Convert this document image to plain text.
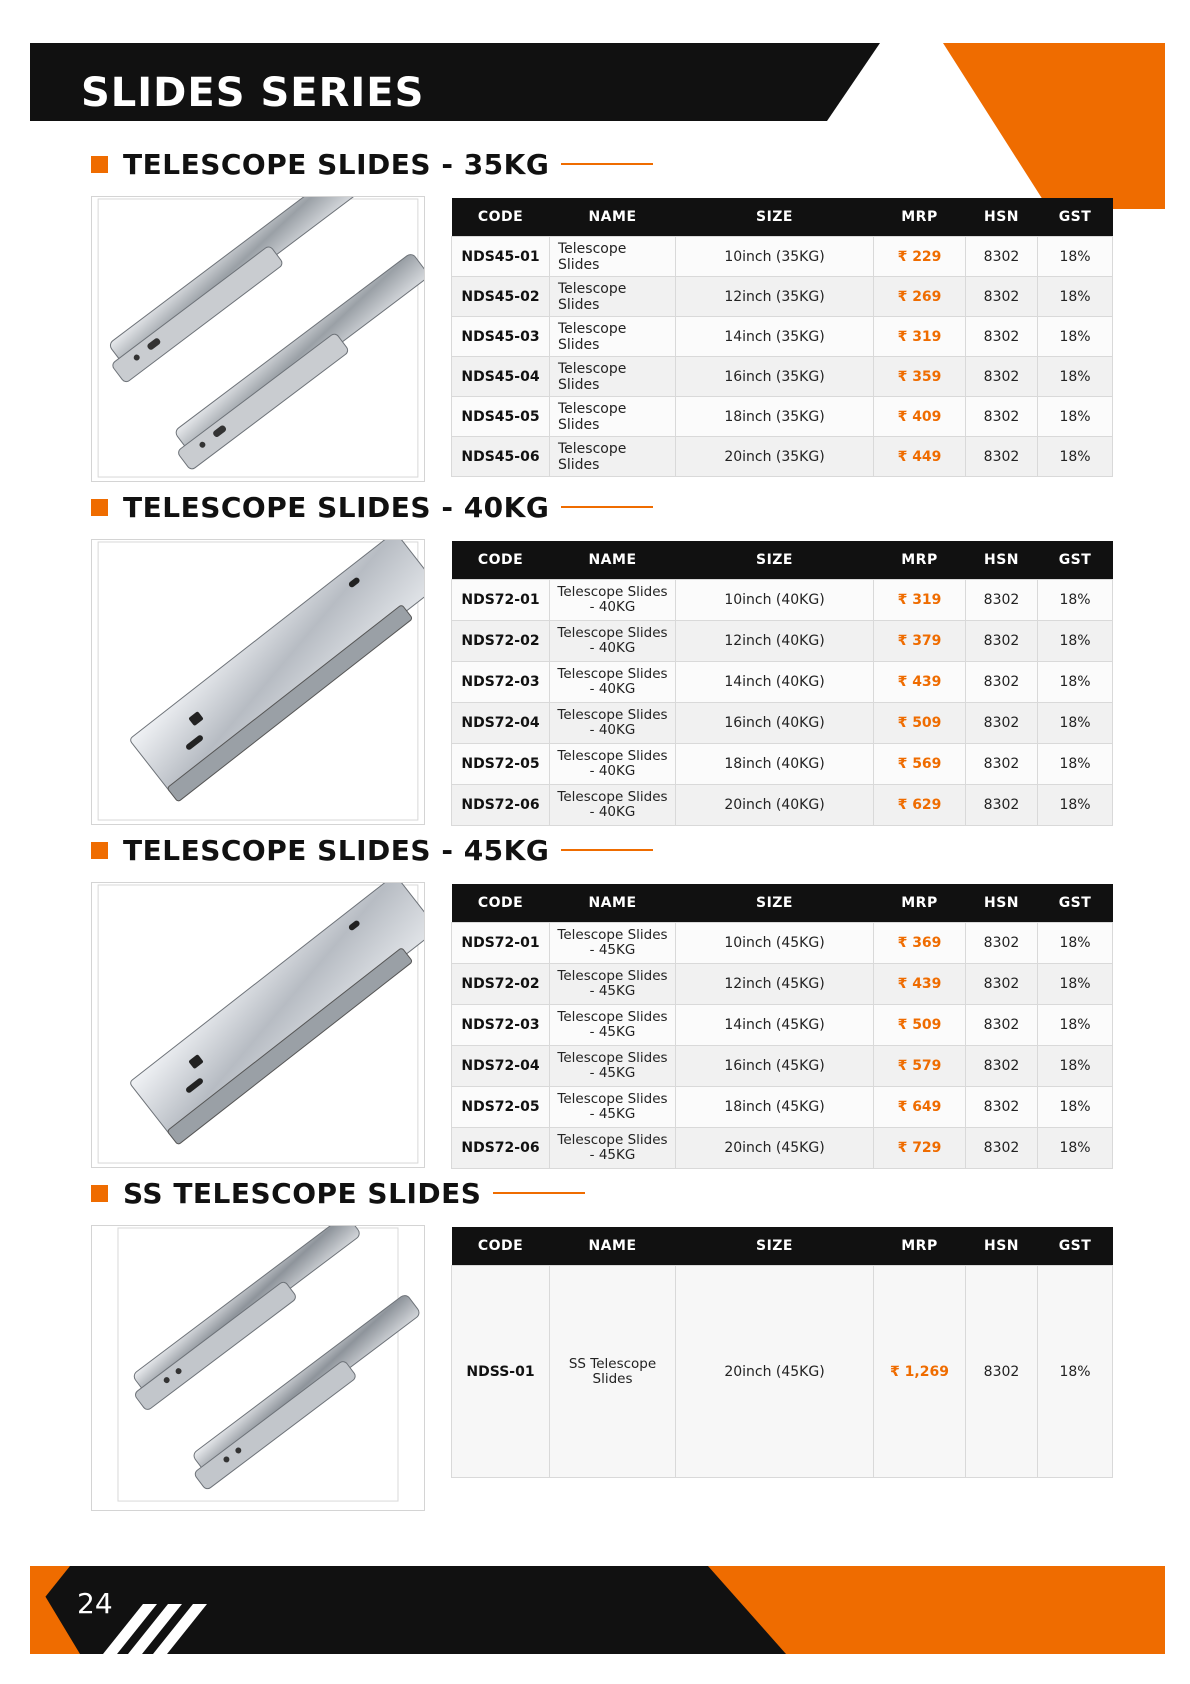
SLIDES SERIES
TELESCOPE SLIDES - 35KG
CODE	NAME	SIZE	MRP	HSN	GST
NDS45-01	Telescope Slides	10inch (35KG)	₹ 229	8302	18%
NDS45-02	Telescope Slides	12inch (35KG)	₹ 269	8302	18%
NDS45-03	Telescope Slides	14inch (35KG)	₹ 319	8302	18%
NDS45-04	Telescope Slides	16inch (35KG)	₹ 359	8302	18%
NDS45-05	Telescope Slides	18inch (35KG)	₹ 409	8302	18%
NDS45-06	Telescope Slides	20inch (35KG)	₹ 449	8302	18%
TELESCOPE SLIDES - 40KG
CODE	NAME	SIZE	MRP	HSN	GST
NDS72-01	Telescope Slides - 40KG	10inch (40KG)	₹ 319	8302	18%
NDS72-02	Telescope Slides - 40KG	12inch (40KG)	₹ 379	8302	18%
NDS72-03	Telescope Slides - 40KG	14inch (40KG)	₹ 439	8302	18%
NDS72-04	Telescope Slides - 40KG	16inch (40KG)	₹ 509	8302	18%
NDS72-05	Telescope Slides - 40KG	18inch (40KG)	₹ 569	8302	18%
NDS72-06	Telescope Slides - 40KG	20inch (40KG)	₹ 629	8302	18%
TELESCOPE SLIDES - 45KG
CODE	NAME	SIZE	MRP	HSN	GST
NDS72-01	Telescope Slides - 45KG	10inch (45KG)	₹ 369	8302	18%
NDS72-02	Telescope Slides - 45KG	12inch (45KG)	₹ 439	8302	18%
NDS72-03	Telescope Slides - 45KG	14inch (45KG)	₹ 509	8302	18%
NDS72-04	Telescope Slides - 45KG	16inch (45KG)	₹ 579	8302	18%
NDS72-05	Telescope Slides - 45KG	18inch (45KG)	₹ 649	8302	18%
NDS72-06	Telescope Slides - 45KG	20inch (45KG)	₹ 729	8302	18%
SS TELESCOPE SLIDES
CODE	NAME	SIZE	MRP	HSN	GST
NDSS-01	SS Telescope Slides	20inch (45KG)	₹ 1,269	8302	18%
24
